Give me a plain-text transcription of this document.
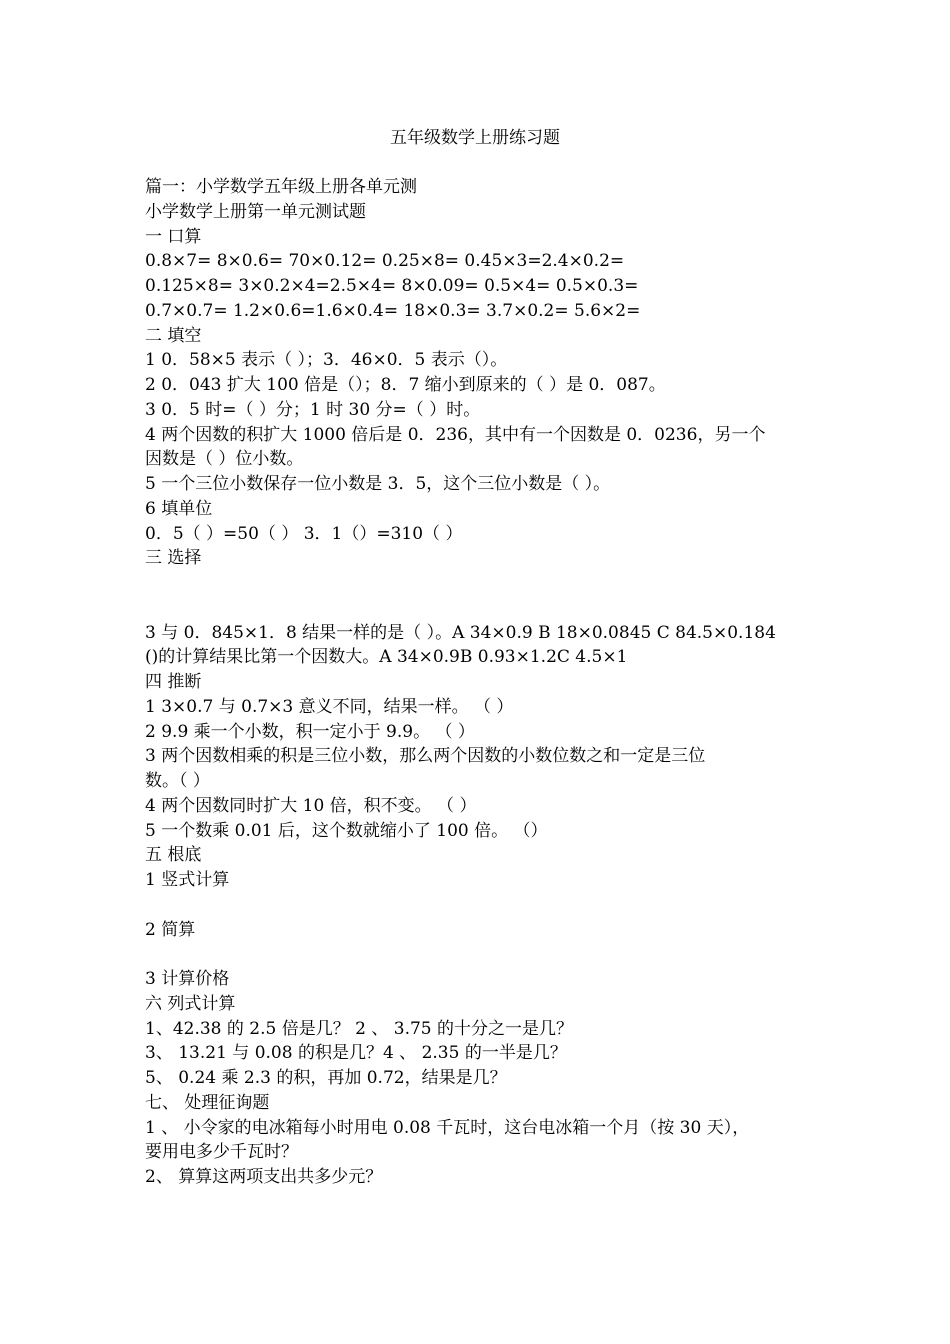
五年级数学上册练习题
篇一：小学数学五年级上册各单元测
小学数学上册第一单元测试题
一 口算
0.8×7= 8×0.6= 70×0.12= 0.25×8= 0.45×3=2.4×0.2=
0.125×8= 3×0.2×4=2.5×4= 8×0.09= 0.5×4= 0.5×0.3=
0.7×0.7= 1.2×0.6=1.6×0.4= 18×0.3= 3.7×0.2= 5.6×2=
二 填空
1 0．58×5 表示（ ）；3．46×0．5 表示（）。
2 0．043 扩大 100 倍是（）；8．7 缩小到原来的（ ）是 0．087。
3 0．5 时=（ ）分；1 时 30 分=（ ）时。
4 两个因数的积扩大 1000 倍后是 0．236，其中有一个因数是 0．0236，另一个
因数是（ ）位小数。
5 一个三位小数保存一位小数是 3．5，这个三位小数是（ ）。
6 填单位
0．5（ ）=50（ ） 3．1（）=310（ ）
三 选择
3 与 0．845×1．8 结果一样的是（ ）。A 34×0.9 B 18×0.0845 C 84.5×0.184
()的计算结果比第一个因数大。A 34×0.9B 0.93×1.2C 4.5×1
四 推断
1 3×0.7 与 0.7×3 意义不同，结果一样。 （ ）
2 9.9 乘一个小数，积一定小于 9.9。 （ ）
3 两个因数相乘的积是三位小数，那么两个因数的小数位数之和一定是三位
数。（ ）
4 两个因数同时扩大 10 倍，积不变。 （ ）
5 一个数乘 0.01 后，这个数就缩小了 100 倍。 （）
五 根底
1 竖式计算
2 简算
3 计算价格
六 列式计算
1、42.38 的 2.5 倍是几？ 2 、 3.75 的十分之一是几？
3、 13.21 与 0.08 的积是几？4 、 2.35 的一半是几？
5、 0.24 乘 2.3 的积，再加 0.72，结果是几？
七、 处理征询题
1 、 小令家的电冰箱每小时用电 0.08 千瓦时，这台电冰箱一个月（按 30 天），
要用电多少千瓦时？
2、 算算这两项支出共多少元？
